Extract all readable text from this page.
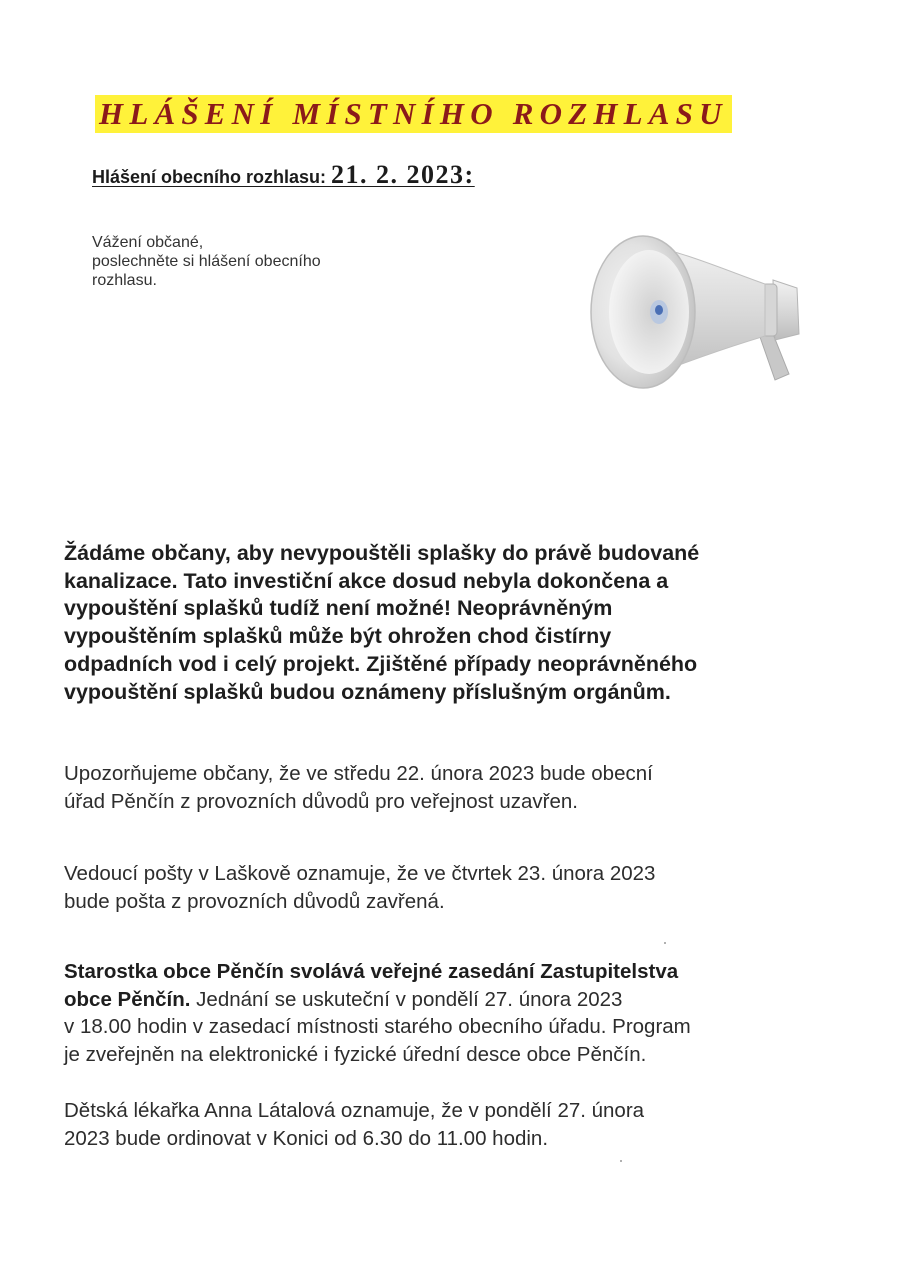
HLÁŠENÍ MÍSTNÍHO ROZHLASU
Hlášení obecního rozhlasu: 21. 2. 2023:
Vážení občané,
poslechněte si hlášení obecního
rozhlasu.
Žádáme občany, aby nevypouštěli splašky do právě budované
kanalizace. Tato investiční akce dosud nebyla dokončena a
vypouštění splašků tudíž není možné! Neoprávněným
vypouštěním splašků může být ohrožen chod čistírny
odpadních vod i celý projekt. Zjištěné případy neoprávněného
vypouštění splašků budou oznámeny příslušným orgánům.
Upozorňujeme občany, že ve středu 22. února 2023 bude obecní
úřad Pěnčín z provozních důvodů pro veřejnost uzavřen.
Vedoucí pošty v Laškově oznamuje, že ve čtvrtek 23. února 2023
bude pošta z provozních důvodů zavřená.
Starostka obce Pěnčín svolává veřejné zasedání Zastupitelstva
obce Pěnčín. Jednání se uskuteční v pondělí 27. února 2023
v 18.00 hodin v zasedací místnosti starého obecního úřadu. Program
je zveřejněn na elektronické i fyzické úřední desce obce Pěnčín.
Dětská lékařka Anna Látalová oznamuje, že v pondělí 27. února
2023 bude ordinovat v Konici od 6.30 do 11.00 hodin.
